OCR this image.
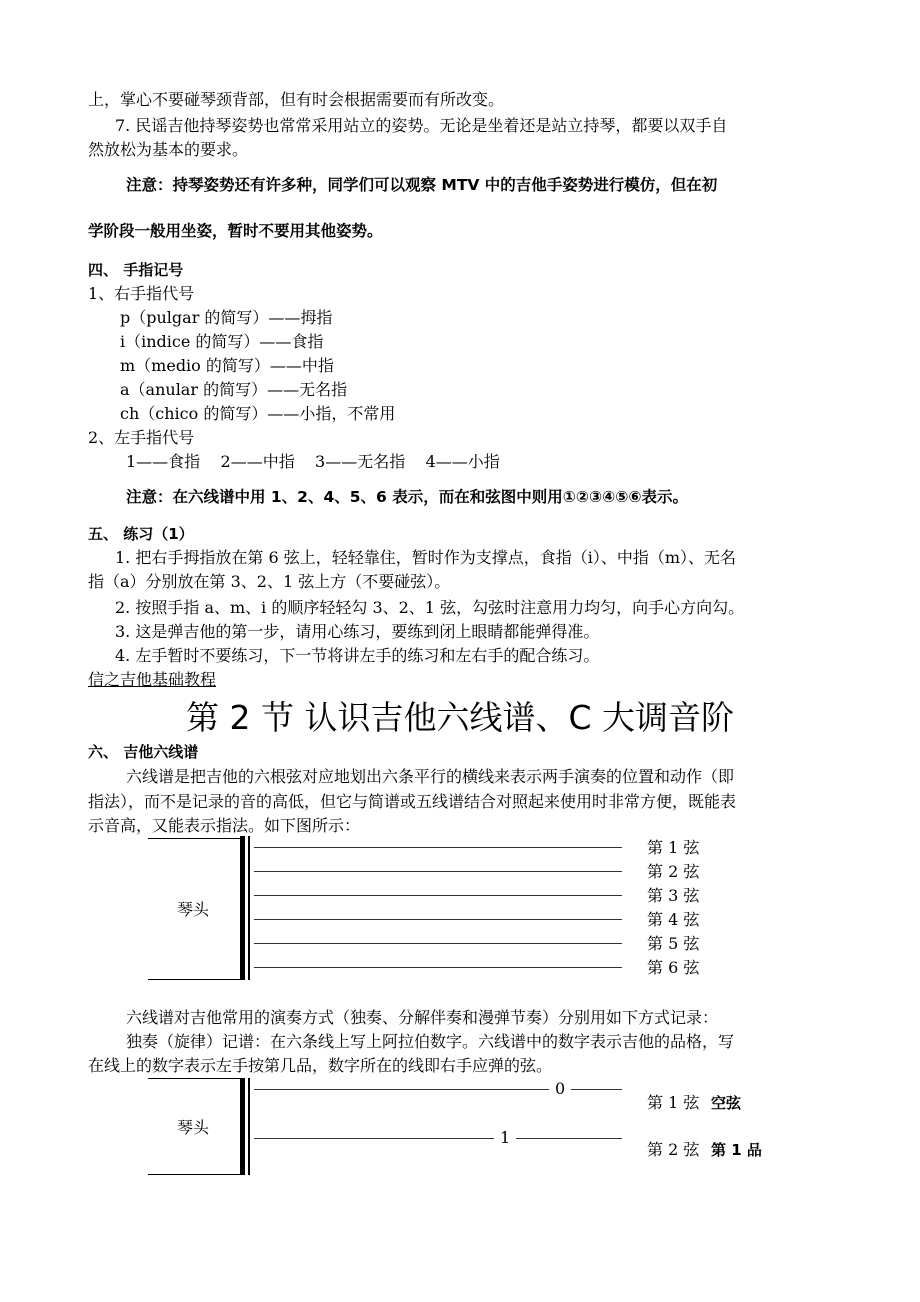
上，掌心不要碰琴颈背部，但有时会根据需要而有所改变。
7. 民谣吉他持琴姿势也常常采用站立的姿势。无论是坐着还是站立持琴，都要以双手自
然放松为基本的要求。
注意：持琴姿势还有许多种，同学们可以观察 MTV 中的吉他手姿势进行模仿，但在初
学阶段一般用坐姿，暂时不要用其他姿势。
四、 手指记号
1、右手指代号
p（pulgar 的简写）——拇指
i（indice 的简写）——食指
m（medio 的简写）——中指
a（anular 的简写）——无名指
ch（chico 的简写）——小指，不常用
2、左手指代号
1——食指    2——中指    3——无名指    4——小指
注意：在六线谱中用 1、2、4、5、6 表示，而在和弦图中则用①②③④⑤⑥表示。
五、 练习（1）
1. 把右手拇指放在第 6 弦上，轻轻靠住，暂时作为支撑点，食指（i）、中指（m）、无名
指（a）分别放在第 3、2、1 弦上方（不要碰弦）。
2. 按照手指 a、m、i 的顺序轻轻勾 3、2、1 弦，勾弦时注意用力均匀，向手心方向勾。
3. 这是弹吉他的第一步，请用心练习，要练到闭上眼睛都能弹得准。
4. 左手暂时不要练习，下一节将讲左手的练习和左右手的配合练习。
信之吉他基础教程
第 2 节 认识吉他六线谱、C 大调音阶
六、 吉他六线谱
六线谱是把吉他的六根弦对应地划出六条平行的横线来表示两手演奏的位置和动作（即
指法），而不是记录的音的高低，但它与简谱或五线谱结合对照起来使用时非常方便，既能表
示音高，又能表示指法。如下图所示：
琴头
第 1 弦
第 2 弦
第 3 弦
第 4 弦
第 5 弦
第 6 弦
六线谱对吉他常用的演奏方式（独奏、分解伴奏和漫弹节奏）分别用如下方式记录：
独奏（旋律）记谱：在六条线上写上阿拉伯数字。六线谱中的数字表示吉他的品格，写
在线上的数字表示左手按第几品，数字所在的线即右手应弹的弦。
琴头
0
1
第 1 弦 空弦
第 2 弦 第 1 品
